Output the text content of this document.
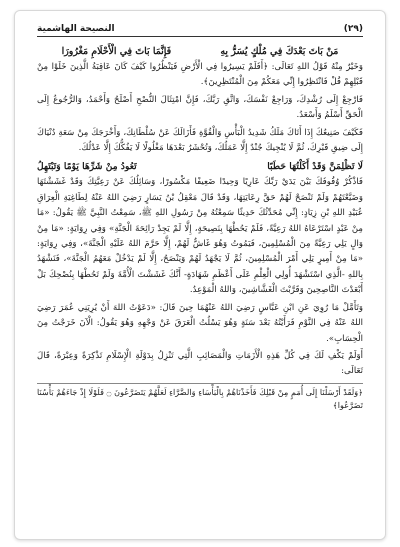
النصيحة الهاشمية	(٢٩)
مَنْ بَاتَ بَعْدَكَ فِي مُلْكٍ يُسَرُّ بِهِ
فَإِنَّمَا بَاتَ فِي الْأَحْلَامِ مَغْرُورَا

وَخَيْرٌ مِنْهُ قَوْلُ اللهِ تَعَالَى: ﴿أَفَلَمْ يَسِيرُوا فِي الْأَرْضِ فَيَنْظُرُوا كَيْفَ كَانَ عَاقِبَةُ الَّذِينَ خَلَوْا مِنْ قَبْلِهِمْ قُلْ فَانْتَظِرُوا إِنِّي مَعَكُمْ مِنَ الْمُنْتَظِرِينَ﴾.

فَارْجِعْ إِلَى رُشْدِكَ، وَرَاجِعْ نَفْسَكَ، وَاتَّقِ رَبَّكَ، فَإِنَّ امْتِثَالَ النُّصْحِ أَصْلَحُ وَأَحْمَدُ، وَالرُّجُوعُ إِلَى الْحَقِّ أَسْلَمُ وَأَسْعَدُ.

فَكَيْفَ صَنِيعُكَ إِذَا أَتَاكَ مَلَكُ شَدِيدُ الْبَأْسِ وَالْقُوَّةِ فَأَزَالَكَ عَنْ سُلْطَانِكَ، وَأَخْرَجَكَ مِنْ سَعَةِ دُنْيَاكَ إِلَى ضِيقِ قَبْرِكَ، ثُمَّ لَا يُنْجِيكَ جُنْدٌ إِلَّا عَمَلُكَ، وَتُحْشَرُ بَعْدَهَا مَغْلُولًا لَا يَفُكُّكَ إِلَّا عَدْلُكَ.

لَا تَظْلِمَنَّ وَقَدْ أَكَلْتُهَا حَطَبًا
تَعُودُ مِنْ شَرِّهَا يَوْمًا وَتَبْتَهِلُ

فَاذْكُرْ وُقُوفَكَ بَيْنَ يَدَيْ رَبِّكَ عَارِيًا وَحِيدًا ضَعِيفًا مَكْسُورًا، وَسَائِلُكَ عَنْ رَعِيَّتِكَ وَقَدْ غَشَشْتَهَا وَضَيَّعْتَهُمْ وَلَمْ تَنْصَحْ لَهُمْ حَقَّ رِعَايَتِهَا، وَقَدْ قَالَ مَعْقِلُ بْنُ يَسَارٍ رَضِيَ اللهُ عَنْهُ لِطَاغِيَةِ الْعِرَاقِ عُبَيْدِ اللهِ بْنِ زِيَادٍ: إِنِّي مُحَدِّثُكَ حَدِيثًا سَمِعْتُهُ مِنْ رَسُولِ اللهِ ﷺ، سَمِعْتُ النَّبِيَّ ﷺ يَقُولُ: «مَا مِنْ عَبْدٍ اسْتَرْعَاهُ اللهُ رَعِيَّةً، فَلَمْ يَحُطْهَا بِنَصِيحَةٍ، إِلَّا لَمْ يَجِدْ رَائِحَةَ الْجَنَّةِ» وَفِي رِوَايَةٍ: «مَا مِنْ وَالٍ يَلِي رَعِيَّةً مِنَ الْمُسْلِمِينَ، فَيَمُوتُ وَهُوَ غَاشٌّ لَهُمْ، إِلَّا حَرَّمَ اللهُ عَلَيْهِ الْجَنَّةَ»، وَفِي رِوَايَةٍ: «مَا مِنْ أَمِيرٍ يَلِي أَمْرَ الْمُسْلِمِينَ، ثُمَّ لَا يَجْهَدُ لَهُمْ وَيَنْصَحُ، إِلَّا لَمْ يَدْخُلْ مَعَهُمُ الْجَنَّةَ»، فَنَشْهَدُ بِاللهِ -الَّذِي اسْتَشْهَدَ أُولِي الْعِلْمِ عَلَى أَعْظَمِ شَهَادَةٍ- أَنَّكَ غَشَشْتَ الْأُمَّةَ وَلَمْ تَحُطْهَا بِنُصْحِكَ بَلْ أَبْعَدْتَ النَّاصِحِينَ وَقَرَّبْتَ الْغَشَّاشِينَ، وَاللهُ الْمَوْعِدُ.

وَتَأَمَّلْ مَا رُوِيَ عَنِ ابْنِ عَبَّاسٍ رَضِيَ اللهُ عَنْهُمَا حِينَ قَالَ: «دَعَوْتُ اللهَ أَنْ يُرِيَنِي عُمَرَ رَضِيَ اللهُ عَنْهُ فِي النَّوْمِ فَرَأَيْتُهُ بَعْدَ سَنَةٍ وَهُوَ يَسْلُتُ الْعَرَقَ عَنْ وَجْهِهِ وَهُوَ يَقُولُ: الْآنَ خَرَجْتُ مِنَ الْحِسَابِ».

أَوَلَمْ يَكْفِ لَكَ فِي كُلِّ هَذِهِ الْأَزَمَاتِ وَالْمَصَائِبِ الَّتِي تَنْزِلُ بِدَوْلَةِ الْإِسْلَامِ تَذْكِرَةً وَعِبْرَةً، قَالَ تَعَالَى:

﴿وَلَقَدْ أَرْسَلْنَا إِلَى أُمَمٍ مِنْ قَبْلِكَ فَأَخَذْنَاهُمْ بِالْبَأْسَاءِ وَالضَّرَّاءِ لَعَلَّهُمْ يَتَضَرَّعُونَ ۝ فَلَوْلَا إِذْ جَاءَهُمْ بَأْسُنَا تَضَرَّعُوا﴾
